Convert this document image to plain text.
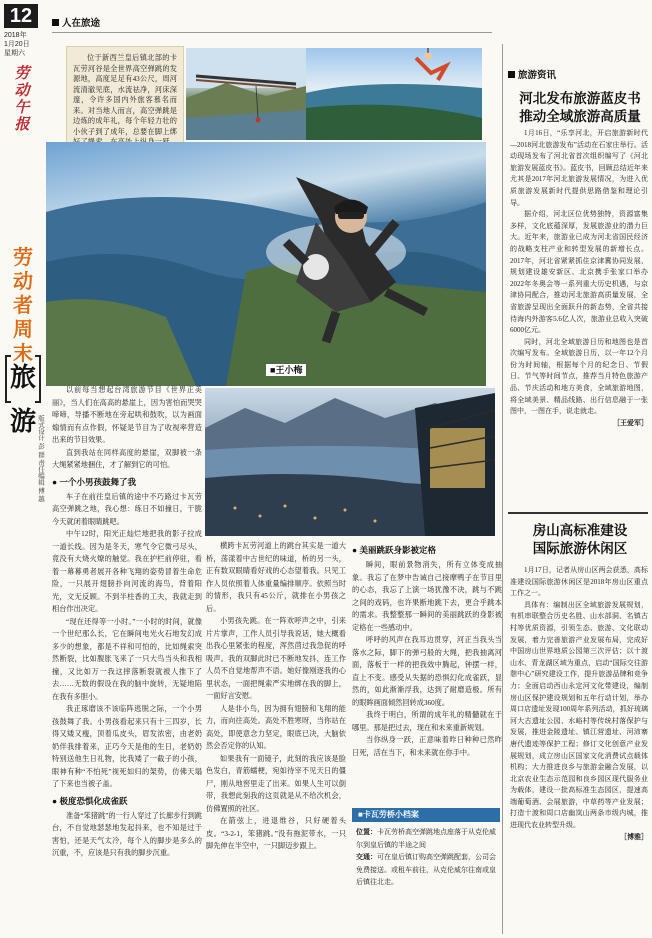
12
2018年
1月20日
星期六
劳动午报
劳动者周末
旅游 版式设计 彭 群 责任编辑 傅 越
人在旅途
旅游资讯
位于新西兰皇后镇北部的卡瓦劳河谷是全世界高空弹跳的发源地，高度足足有43公尺，周河流清澈见底，水流祛净，河床深邃，令许多国内外旅客慕名而来。对当地人而言，高空弹跳是边炼的成年礼，每个年轻力壮的小伙子到了成年，总要在脚上绑
■王小梅

以前每当想起台湾旅游节目《世界正美丽》，当人们在高高的悬崖上，因为害怕而哭哭啼啼，导播不断地在旁起哄和鼓吹，以为画面煽情而有点作假，怀疑是节目为了收视率营造出来的节目效果。

直到我站在同样高度的悬崖，双脚被一条大绳紧紧地捆住，才了解到它的可怕。

● 一个小男孩鼓舞了我

车子在前往皇后镇的途中不巧路过卡瓦劳高空弹跳之地，我心想：练日不如撞日，干脆今天就闭着眼睛跳吧。

中午12时，阳光正灿烂地把我的影子拉成一道长线。因为是冬天，寒气令它微弓尽头，竟没有大烧火燎的触觉。我在护栏前停驻，看着一幕幕勇者展开各种飞翔的姿势冒着生命危险，一只展开翅膀扑向河流的海鸟，背着阳光，文无反顾。不到半柱香的工夫，我就走到相台作出决定。

“现在还得等一小时。”一小时的时间，就像一个世纪那么长，它在瞬间电光火石地发幻成多少的想象，都是不祥和可怕的，比如绳索突然断裂，比如腹胀飞来了一只大鸟当头和我相撞，又比如万一我这摔落断裂就被人推下了去……无数的假设在我的脑中旋转，无疑地陷在我有多胆小。

我正琢磨该不该临阵逃脱之际，一个小男孩鼓舞了我。小男孩看起来只有十三四岁，长得又矮又瘦，顶着瓜皮头，眉发浓密，由老奶奶伴我排着来，正巧今天是他的生日，老奶奶特别送他生日礼物，比我矮了一截子的小孩，眼神有种“不怕死”视死如归的架势，仿佛天塌了下来也当被子盖。

● 极度恐惧化成雀跃

准备“笨猪跳”的一行人穿过了长廊步行到跳台，不自觉地瑟瑟地发起抖来，也不知是过于害怕，还是天气太冷，每个人的脚步是多么的沉重，不，应该是只有我的脚步沉重。

横跨卡瓦劳河道上的跳台其实是一道大桥，荡漾着中古世纪的味道，桥的另一头，正有数双眼睛看好戏的心态望着我。只见工作人员依照着人体重量编排顺序。依照当时的情形，我只有45公斤，就排在小男孩之后。

小男孩先跳。在一阵欢呼声之中，引来片片掌声，工作人员引导我说话，她大概看出我心里紧张的程度，浑然茴过我急促的呼吸声。我的双脚此时已不断地发抖，连工作人员不自觉地帮声不语。她好像刚逐我的心里状态，一面把绳索严实地绑在我的脚上，一面好言安慰。

人是非小鸟，因为拥有翅膀和飞翔的能力，而向往高处。高处不胜寒呀，当你站在高处，即使意念力坚定，眼底已决，大脑依然会否定你的认知。

如果我有一面镜子，此刻的我应该是脸色发白，青筋蠕梗，宛如待宰不见天日的僵尸，刚从地窖里走了出来。如果人生可以倒带，我想此刻我的这页就是从不给次机会，仿佛置照的社区。

在箭弦上，进退维谷，只好硬着头皮。“3-2-1，笨猪跳。”没有拖泥带水，一只脚先伸在半空中，一只脚迈步跟上。

● 美丽跳跃身影被定格

瞬间，眼前景物消失，所有立体变成抽象。我忘了在梦中告诫自己接摩鸭子在节目里的心态，我忘了上演一场犹豫不决，跳与不跳之间的戏码，也许果断地跳下去，更合乎跳本的需求。我整整那一瞬间的美丽跳跃的身影被定格在一些感动中。

呼呼的风声在我耳边贯穿，河正当我头当落水之际，脚下的弹弓般的大绳，把我抽离河面，落板于一样的把我效中腾起，钟摆一样，直上不变。感受从失据的恐惧幻化成雀跃，显然的，如此渐渐浮我，达到了耐磨造极。所有的眼眸画面倾然回转成360度。

我终于明白，所谓的成年礼的精髓就在于哪里。那是把过去，现在和未来重新规划。

当你纵身一跃，正意味着昨日种种已然昨日死，活在当下，和未来就在你手中。

■卡瓦劳桥小档案
位置：卡瓦劳桥高空弹跳地点座落于从克伦威尔到皇后镇的半途之间
交通：可在皇后镇订购高空弹跳配套，公司会免费接送。或租车前往，从克伦威尔往南或皇后镇往北走。
河北发布旅游蓝皮书
推动全域旅游高质量

1月16日，“乐享河北，开启旅游新时代—2018河北旅游发布”活动在石家庄举行。活动现场发布了河北省首次组织编写了《河北旅游发展蓝皮书》。蓝皮书，回顾总结近年来尤其是2017年河北旅游发展情况，为进入优质旅游发展新时代提供思路借鉴和理论引导。

据介绍，河北区位优势独特，资源富集多样，文化底蕴深厚，发展旅游业的潜力巨大。近年来，旅游业已成为河北省国民经济的战略支柱产业和转型发展的新增长点。2017年，河北省紧紧抓住京津冀协同发展、规划建设雄安新区、北京携手张家口举办2022年冬奥会等一系列重大历史机遇，与京津协同配合，推动河北旅游高质量发展，全省旅游呈现出全面跃升的新态势，全省共接待海内外游客5.6亿人次，旅游业总收入突破6000亿元。

同时，河北全域旅游日历和地图也是首次编写发布。全域旅游日历，以一年12个月份为时间轴，根据每个月的纪念日、节假日、节气等时间节点，推荐当月特色旅游产品、节庆活动和地方美食，全域旅游地图，将全域美景、精品线路、出行信息融于一张图中，一图在手，说走就走。

［王爱军］
房山高标准建设
国际旅游休闲区

1月17日，记者从房山区两会获悉，高标准建设国际旅游休闲区是2018年房山区重点工作之一。

具体有：编制出区全域旅游发展规划，有机串联整合历史名胜、山水部洞、名镇古村等优质资源，引领生态、旅游、文化联动发展，着力完善旅游产业发展布局，完成好中国房山世界地质公园第三次评估；以十渡山水、青龙湖区域为重点，启动“国际交往游憩中心”研究建设工作，提升旅游品牌和竞争力；全面启动西山永定河文化带建设，编制房山区保护建设规划和五年行动计划，举办周口店遗址发现100周年系列活动，抓好琉璃河大古遗址公园、水峪村等传统村落保护与发展，推进金陵遗址、镇江营遗址、河沛寨唐代遗迹等保护工程；修订文化创意产业发展规划，成立房山区国家文化消费试点载体机构；大力推进良乡与旅游金融合发展，以北京农业生态示范园和良乡园区现代服务业为载体，建设一批高标准生态园区，提速高端葡萄酒、会展旅游，中草药等产业发展；打造十渡和周口店幽岚山两条市级内城，推进现代农业转型升级。

［博雅］
